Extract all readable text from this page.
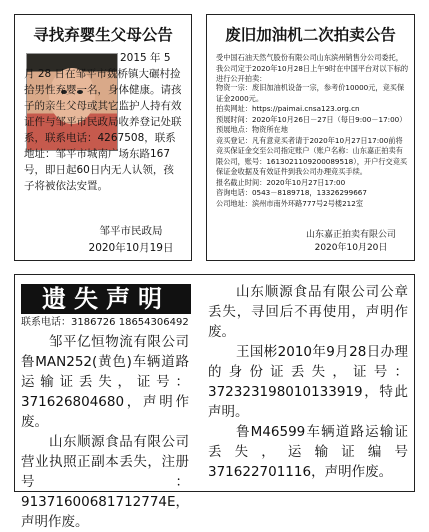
寻找弃婴生父母公告
2015 年 5 月 28 日在邹平市魏桥镇大碾村捡拾男性弃婴一名，身体健康。请孩子的亲生父母或其它监护人持有效证件与邹平市民政局收养登记处联系，联系电话：4267508，联系地址：邹平市城南广场东路167号，即日起60日内无人认领，孩子将被依法安置。
邹平市民政局
2020年10月19日
废旧加油机二次拍卖公告
受中国石油天然气股份有限公司山东滨州销售分公司委托，我公司定于2020年10月28日上午9时在中国平台对以下标的进行公开拍卖：
物资一宗：废旧加油机设备一宗，参考价10000元，竞买保证金2000元。
拍卖网址：https://paimai.cnsa123.org.cn
预展时间：2020年10月26日－27日（每日9:00－17:00）
预展地点：物资所在地
竞买登记：凡有意竞买者请于2020年10月27日17:00前将竞买保证金交至公司指定账户（账户名称：山东嘉正拍卖有限公司，账号：1613021109200089518），开户行交竞买保证金收据及有效证件到我公司办理竞买手续。
报名截止时间：2020年10月27日17:00
咨询电话：0543－8189718，13326299667
公司地址：滨州市南外环路777号2号楼212室
山东嘉正拍卖有限公司
2020年10月20日
遗失声明
联系电话：3186726 18654306492

邹平亿恒物流有限公司鲁MAN252(黄色)车辆道路运输证丢失，证号：371626804680，声明作废。

山东顺源食品有限公司营业执照正副本丢失，注册号：91371600681712774E，声明作废。

山东顺源食品有限公司公章丢失，寻回后不再使用，声明作废。

王国彬2010年9月28日办理的身份证丢失，证号：372323198010133919，特此声明。

鲁M46599车辆道路运输证丢失，运输证编号371622701116，声明作废。
